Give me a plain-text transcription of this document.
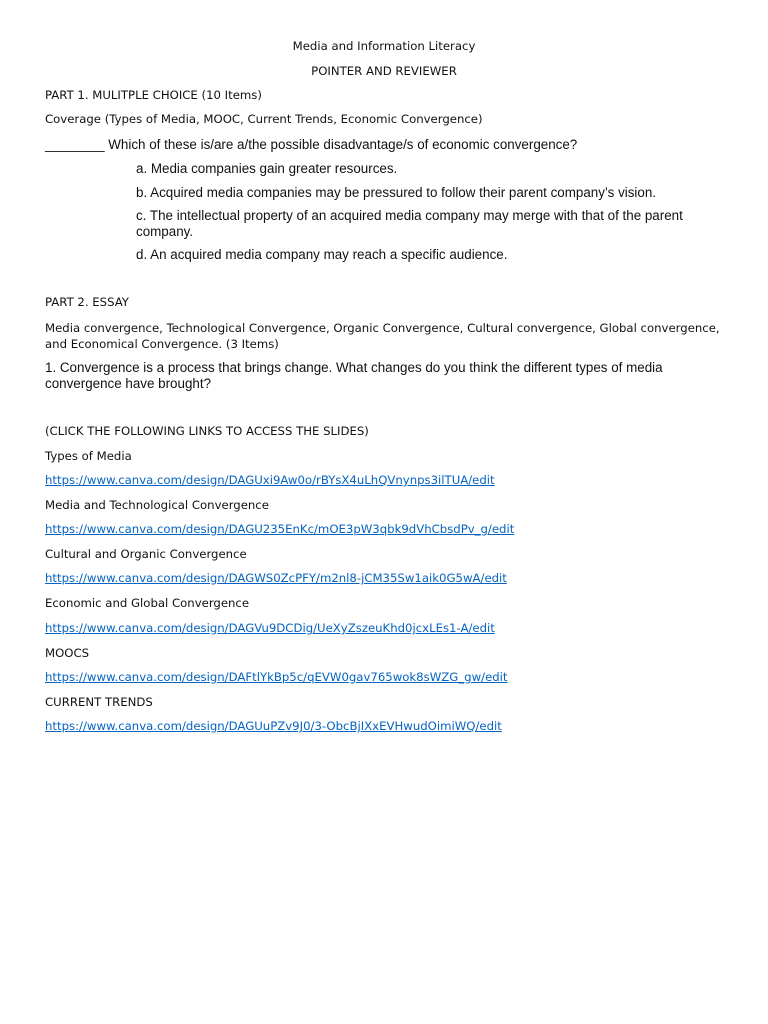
Media and Information Literacy
POINTER AND REVIEWER
PART 1. MULITPLE CHOICE (10 Items)
Coverage (Types of Media, MOOC, Current Trends, Economic Convergence)
________ Which of these is/are a/the possible disadvantage/s of economic convergence?
a. Media companies gain greater resources.
b. Acquired media companies may be pressured to follow their parent company’s vision.
c. The intellectual property of an acquired media company may merge with that of the parent company.
d. An acquired media company may reach a specific audience.
PART 2. ESSAY
Media convergence, Technological Convergence, Organic Convergence, Cultural convergence, Global convergence, and Economical Convergence. (3 Items)
1. Convergence is a process that brings change. What changes do you think the different types of media convergence have brought?
(CLICK THE FOLLOWING LINKS TO ACCESS THE SLIDES)
Types of Media
https://www.canva.com/design/DAGUxi9Aw0o/rBYsX4uLhQVnynps3ilTUA/edit
Media and Technological Convergence
https://www.canva.com/design/DAGU235EnKc/mOE3pW3qbk9dVhCbsdPv_g/edit
Cultural and Organic Convergence
https://www.canva.com/design/DAGWS0ZcPFY/m2nl8-jCM35Sw1aik0G5wA/edit
Economic and Global Convergence
https://www.canva.com/design/DAGVu9DCDig/UeXyZszeuKhd0jcxLEs1-A/edit
MOOCS
https://www.canva.com/design/DAFtlYkBp5c/qEVW0gav765wok8sWZG_gw/edit
CURRENT TRENDS
https://www.canva.com/design/DAGUuPZv9J0/3-ObcBjIXxEVHwudOimiWQ/edit
